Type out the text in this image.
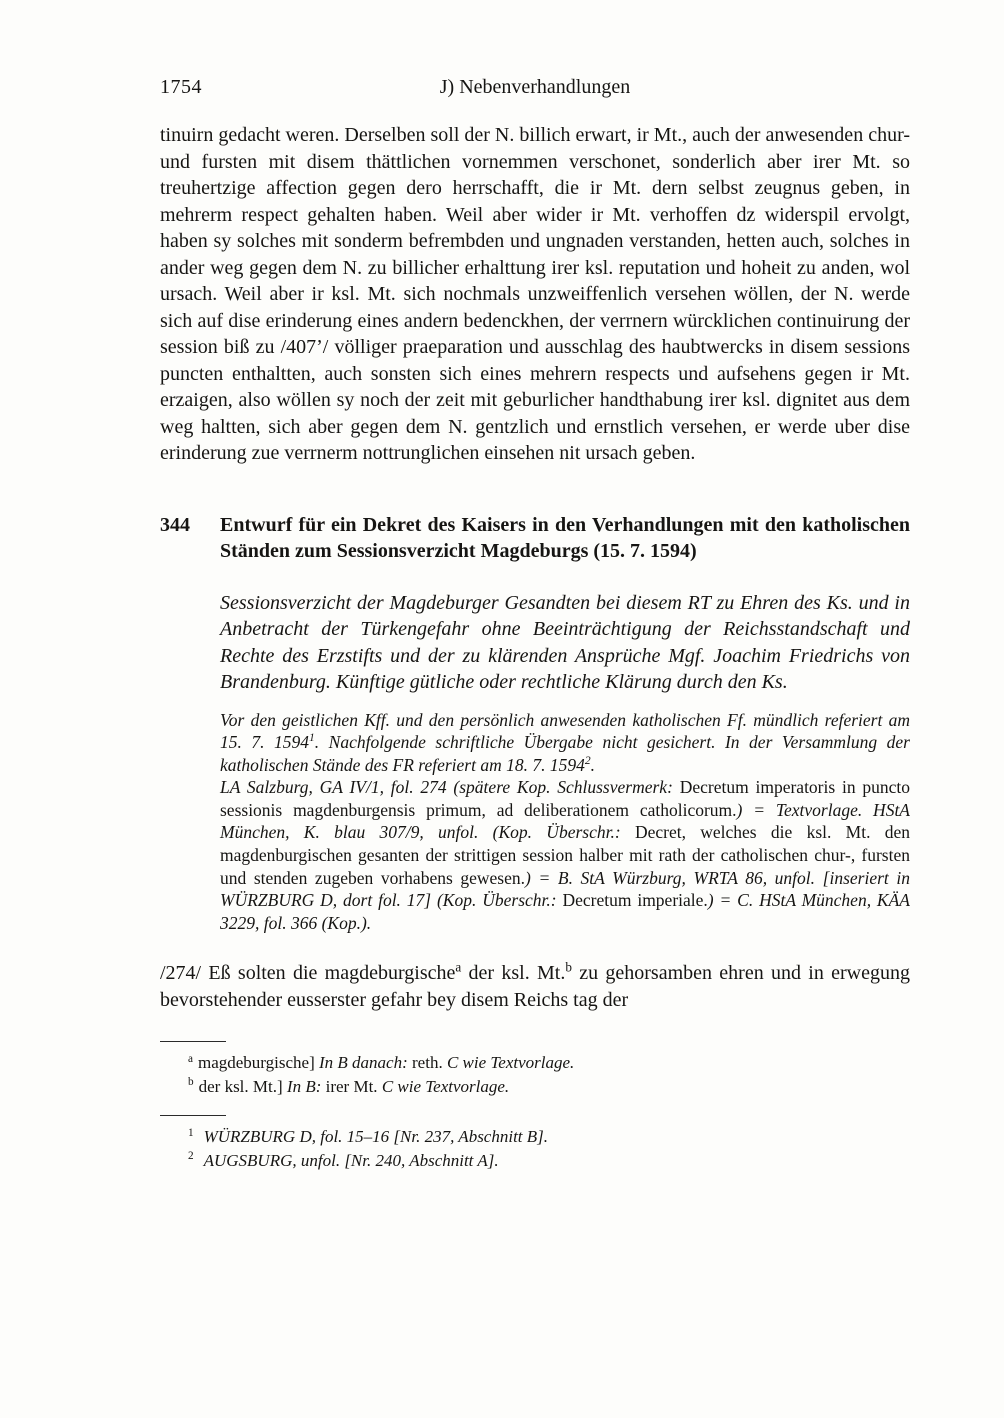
1754	J) Nebenverhandlungen

tinuirn gedacht weren. Derselben soll der N. billich erwart, ir Mt., auch der anwesenden chur- und fursten mit disem thättlichen vornemmen verschonet, sonderlich aber irer Mt. so treuhertzige affection gegen dero herrschafft, die ir Mt. dern selbst zeugnus geben, in mehrerm respect gehalten haben. Weil aber wider ir Mt. verhoffen dz widerspil ervolgt, haben sy solches mit sonderm befrembden und ungnaden verstanden, hetten auch, solches in ander weg gegen dem N. zu billicher erhalttung irer ksl. reputation und hoheit zu anden, wol ursach. Weil aber ir ksl. Mt. sich nochmals unzweiffenlich versehen wöllen, der N. werde sich auf dise erinderung eines andern bedenckhen, der verrnern würcklichen continuirung der session biß zu /407’/ völliger praeparation und ausschlag des haubtwercks in disem sessions puncten enthaltten, auch sonsten sich eines mehrern respects und aufsehens gegen ir Mt. erzaigen, also wöllen sy noch der zeit mit geburlicher handthabung irer ksl. dignitet aus dem weg haltten, sich aber gegen dem N. gentzlich und ernstlich versehen, er werde uber dise erinderung zue verrnerm nottrunglichen einsehen nit ursach geben.

344 Entwurf für ein Dekret des Kaisers in den Verhandlungen mit den katholischen Ständen zum Sessionsverzicht Magdeburgs (15. 7. 1594)

Sessionsverzicht der Magdeburger Gesandten bei diesem RT zu Ehren des Ks. und in Anbetracht der Türkengefahr ohne Beeinträchtigung der Reichsstandschaft und Rechte des Erzstifts und der zu klärenden Ansprüche Mgf. Joachim Friedrichs von Brandenburg. Künftige gütliche oder rechtliche Klärung durch den Ks.

Vor den geistlichen Kff. und den persönlich anwesenden katholischen Ff. mündlich referiert am 15. 7. 1594$^1$. Nachfolgende schriftliche Übergabe nicht gesichert. In der Versammlung der katholischen Stände des FR referiert am 18. 7. 1594$^2$.

LA Salzburg, GA IV/1, fol. 274 (spätere Kop. Schlussvermerk: Decretum imperatoris in puncto sessionis magdenburgensis primum, ad deliberationem catholicorum.) = Textvorlage. HStA München, K. blau 307/9, unfol. (Kop. Überschr.: Decret, welches die ksl. Mt. den magdenburgischen gesanten der strittigen session halber mit rath der catholischen chur-, fursten und stenden zugeben vorhabens gewesen.) = B. StA Würzburg, WRTA 86, unfol. [inseriert in WÜRZBURG D, dort fol. 17] (Kop. Überschr.: Decretum imperiale.) = C. HStA München, KÄA 3229, fol. 366 (Kop.).

/274/ Eß solten die magdeburgische$^a$ der ksl. Mt.$^b$ zu gehorsamben ehren und in erwegung bevorstehender eusserster gefahr bey disem Reichs tag der

$^a$ magdeburgische] In B danach: reth. C wie Textvorlage.

$^b$ der ksl. Mt.] In B: irer Mt. C wie Textvorlage.

$^1$ WÜRZBURG D, fol. 15–16 [Nr. 237, Abschnitt B].

$^2$ AUGSBURG, unfol. [Nr. 240, Abschnitt A].
